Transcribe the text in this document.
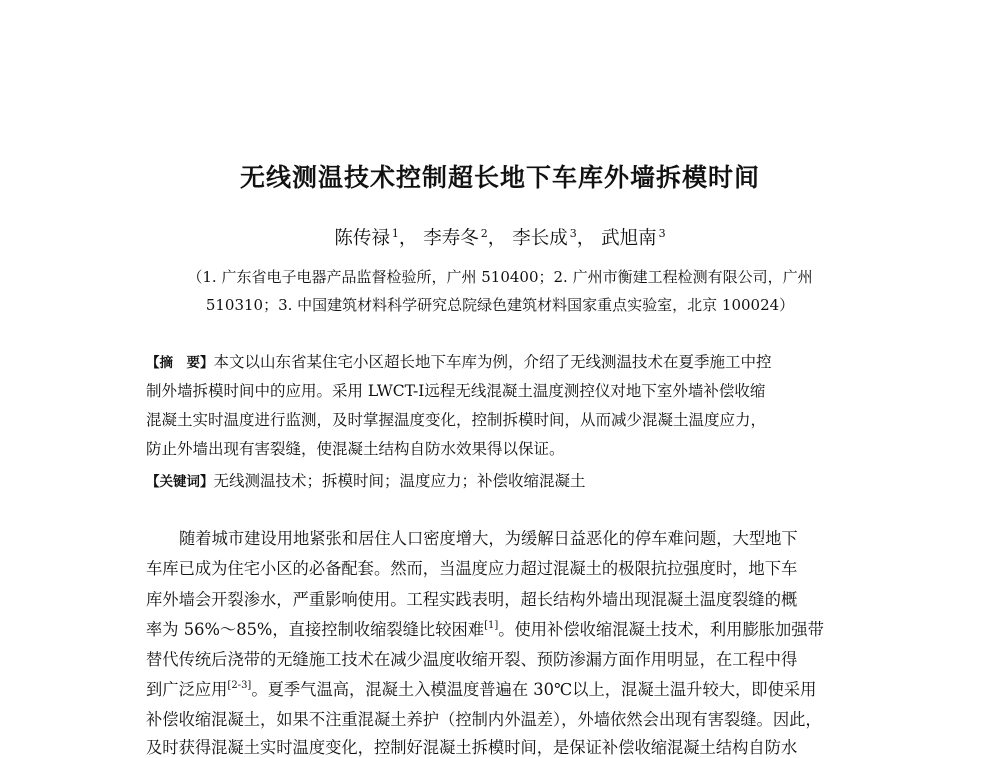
无线测温技术控制超长地下车库外墙拆模时间
陈传禄 $^1$， 李寿冬 $^2$， 李长成 $^3$， 武旭南 $^3$
（1. 广东省电子电器产品监督检验所，广州 510400；2. 广州市衡建工程检测有限公司，广州
510310；3. 中国建筑材料科学研究总院绿色建筑材料国家重点实验室，北京 100024）
【摘　要】本文以山东省某住宅小区超长地下车库为例，介绍了无线测温技术在夏季施工中控
制外墙拆模时间中的应用。采用 LWCT-Ⅰ远程无线混凝土温度测控仪对地下室外墙补偿收缩
混凝土实时温度进行监测，及时掌握温度变化，控制拆模时间，从而减少混凝土温度应力，
防止外墙出现有害裂缝，使混凝土结构自防水效果得以保证。
【关键词】无线测温技术；拆模时间；温度应力；补偿收缩混凝土
随着城市建设用地紧张和居住人口密度增大，为缓解日益恶化的停车难问题，大型地下
车库已成为住宅小区的必备配套。然而，当温度应力超过混凝土的极限抗拉强度时，地下车
库外墙会开裂渗水，严重影响使用。工程实践表明，超长结构外墙出现混凝土温度裂缝的概
率为 56%～85%，直接控制收缩裂缝比较困难[1]。使用补偿收缩混凝土技术，利用膨胀加强带
替代传统后浇带的无缝施工技术在减少温度收缩开裂、预防渗漏方面作用明显，在工程中得
到广泛应用[2-3]。夏季气温高，混凝土入模温度普遍在 30℃以上，混凝土温升较大，即使采用
补偿收缩混凝土，如果不注重混凝土养护（控制内外温差），外墙依然会出现有害裂缝。因此，
及时获得混凝土实时温度变化，控制好混凝土拆模时间，是保证补偿收缩混凝土结构自防水
